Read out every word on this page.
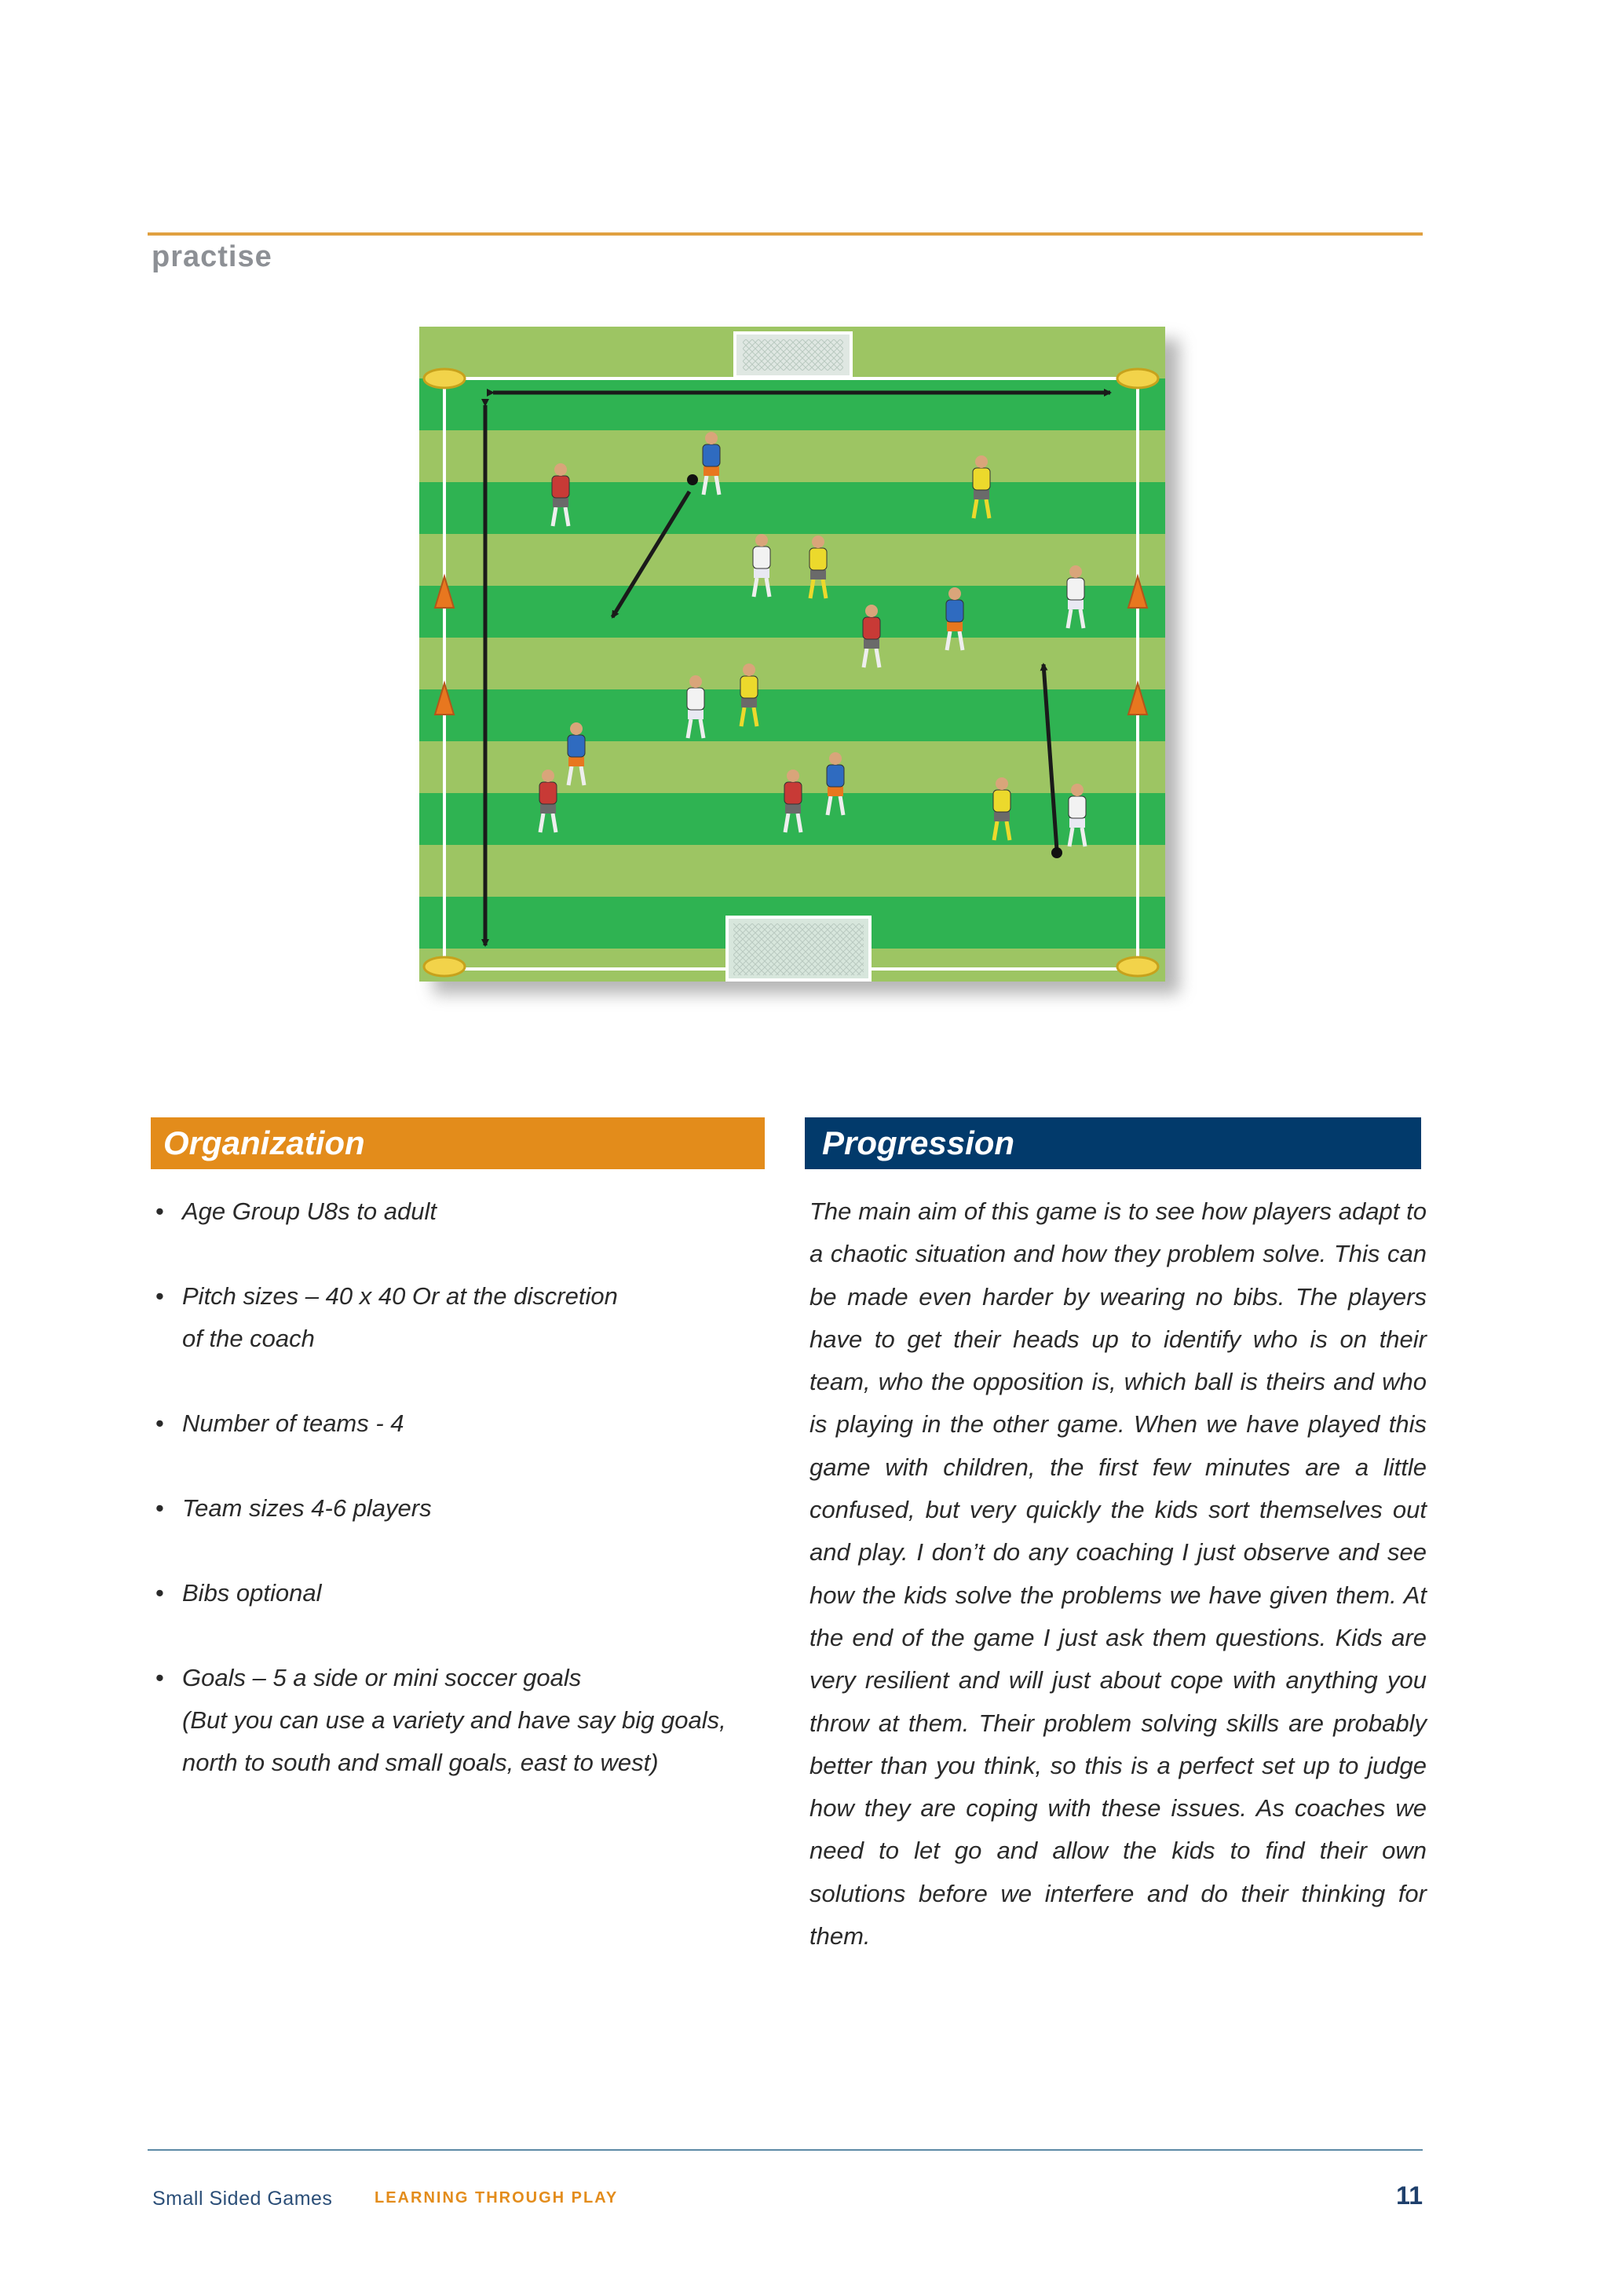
practise
Organization	Progression
• Age Group U8s to adult
• Pitch sizes – 40 x 40 Or at the discretion
of the coach
• Number of teams - 4
• Team sizes 4-6 players
• Bibs optional
• Goals – 5 a side or mini soccer goals
(But you can use a variety and have say big goals, north to south and small goals, east to west)

The main aim of this game is to see how players adapt to a chaotic situation and how they problem solve. This can be made even harder by wearing no bibs. The players have to get their heads up to identify who is on their team, who the opposition is, which ball is theirs and who is playing in the other game. When we have played this game with children, the first few minutes are a little confused, but very quickly the kids sort themselves out and play. I don’t do any coaching I just observe and see how the kids solve the problems we have given them. At the end of the game I just ask them questions. Kids are very resilient and will just about cope with anything you throw at them. Their problem solving skills are probably better than you think, so this is a perfect set up to judge how they are coping with these issues. As coaches we need to let go and allow the kids to find their own solutions before we interfere and do their thinking for them.

Small Sided Games	LEARNING THROUGH PLAY	11
